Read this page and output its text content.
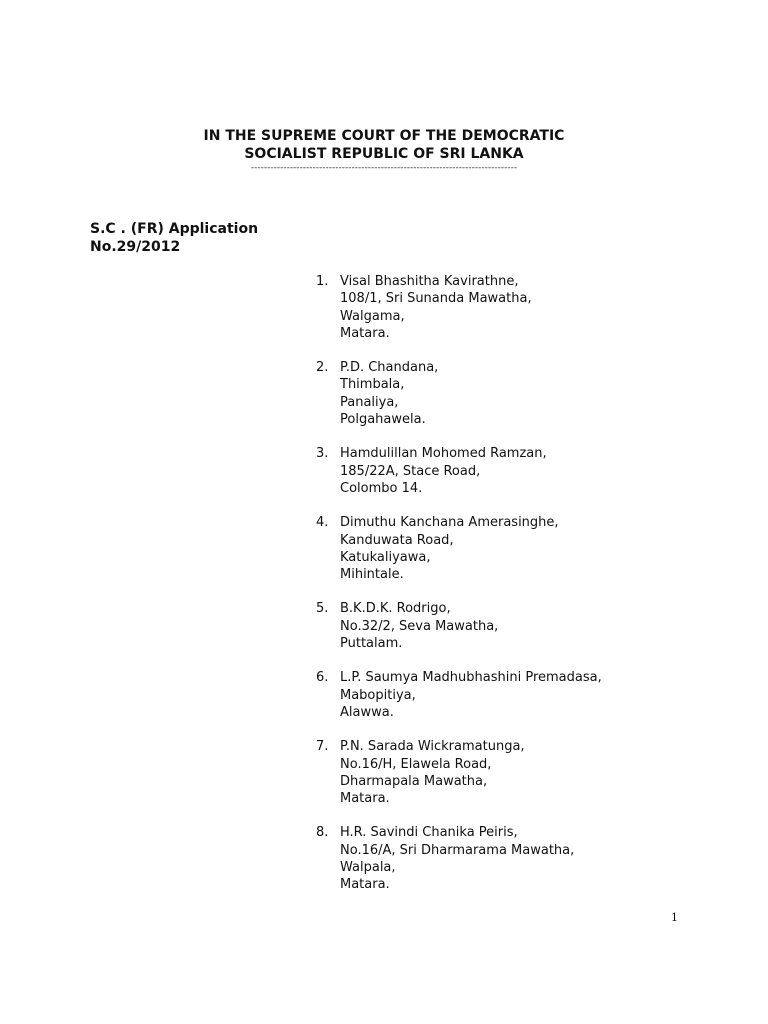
IN THE SUPREME COURT OF THE DEMOCRATIC
SOCIALIST REPUBLIC OF SRI LANKA
----------------------------------------------------------------------------------
S.C . (FR) Application
No.29/2012
1. Visal Bhashitha Kavirathne,
108/1, Sri Sunanda Mawatha,
Walgama,
Matara.
2. P.D. Chandana,
Thimbala,
Panaliya,
Polgahawela.
3. Hamdulillan Mohomed Ramzan,
185/22A, Stace Road,
Colombo 14.
4. Dimuthu Kanchana Amerasinghe,
Kanduwata Road,
Katukaliyawa,
Mihintale.
5. B.K.D.K. Rodrigo,
No.32/2, Seva Mawatha,
Puttalam.
6. L.P. Saumya Madhubhashini Premadasa,
Mabopitiya,
Alawwa.
7. P.N. Sarada Wickramatunga,
No.16/H, Elawela Road,
Dharmapala Mawatha,
Matara.
8. H.R. Savindi Chanika Peiris,
No.16/A, Sri Dharmarama Mawatha,
Walpala,
Matara.
1
